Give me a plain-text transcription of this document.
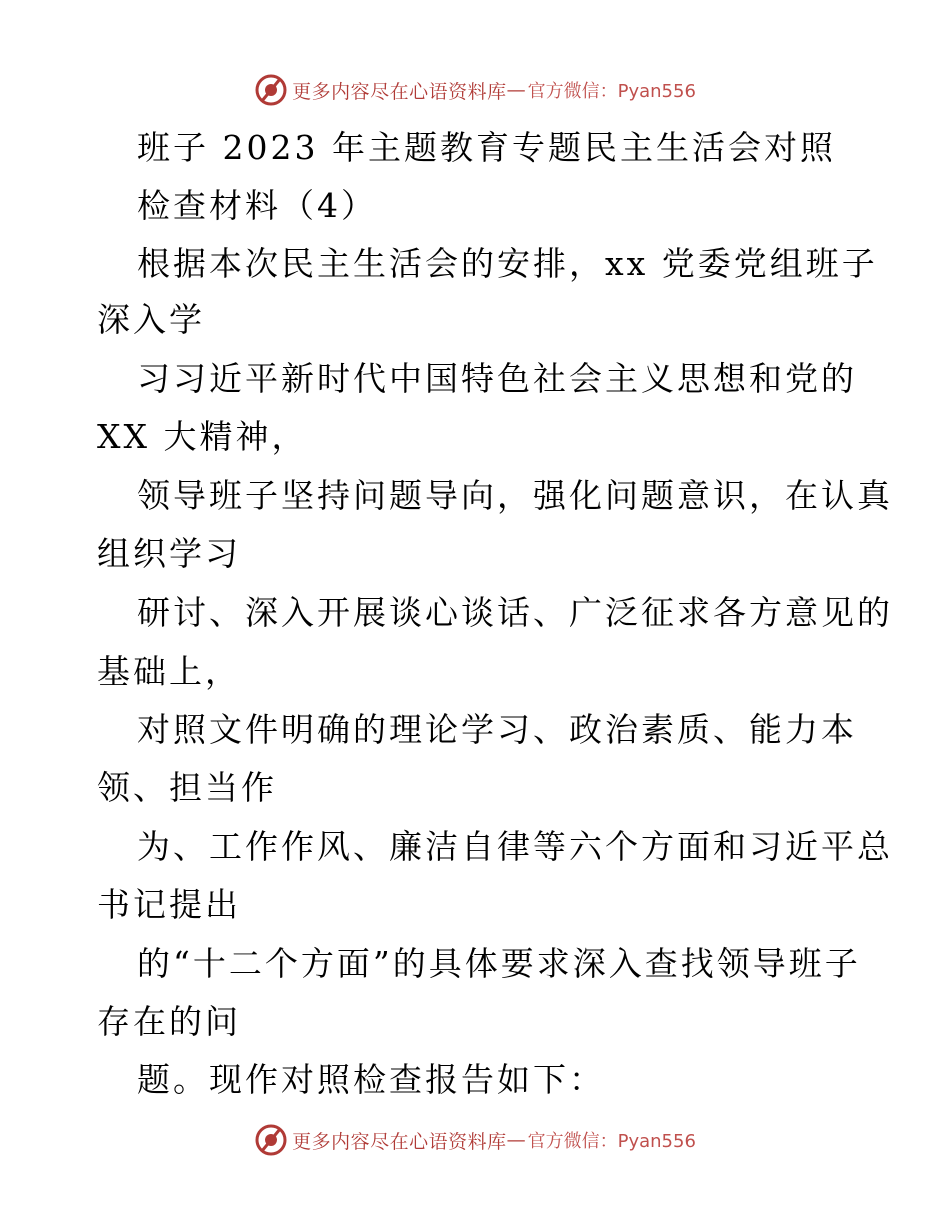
更多内容尽在心语资料库 — 官方微信：Pyan556
班子 2023 年主题教育专题民主生活会对照
检查材料（4）
根据本次民主生活会的安排，xx 党委党组班子
深入学
习习近平新时代中国特色社会主义思想和党的
XX 大精神，
领导班子坚持问题导向，强化问题意识，在认真
组织学习
研讨、深入开展谈心谈话、广泛征求各方意见的
基础上，
对照文件明确的理论学习、政治素质、能力本
领、担当作
为、工作作风、廉洁自律等六个方面和习近平总
书记提出
的“十二个方面”的具体要求深入查找领导班子
存在的问
题。现作对照检查报告如下：
更多内容尽在心语资料库 — 官方微信：Pyan556
